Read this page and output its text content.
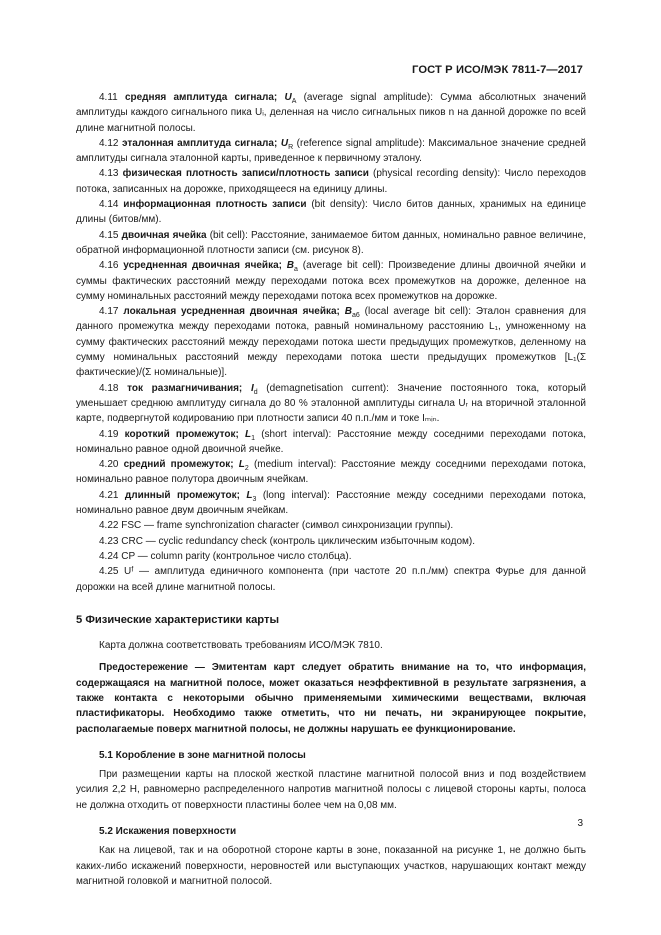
ГОСТ Р ИСО/МЭК 7811-7—2017

4.11 средняя амплитуда сигнала; $U_A$ (average signal amplitude): Сумма абсолютных значений амплитуды каждого сигнального пика Uᵢ, деленная на число сигнальных пиков n на данной дорожке по всей длине магнитной полосы.

4.12 эталонная амплитуда сигнала; $U_R$ (reference signal amplitude): Максимальное значение средней амплитуды сигнала эталонной карты, приведенное к первичному эталону.

4.13 физическая плотность записи/плотность записи (physical recording density): Число переходов потока, записанных на дорожке, приходящееся на единицу длины.

4.14 информационная плотность записи (bit density): Число битов данных, хранимых на единице длины (битов/мм).

4.15 двоичная ячейка (bit cell): Расстояние, занимаемое битом данных, номинально равное величине, обратной информационной плотности записи (см. рисунок 8).

4.16 усредненная двоичная ячейка; $B_a$ (average bit cell): Произведение длины двоичной ячейки и суммы фактических расстояний между переходами потока всех промежутков на дорожке, деленное на сумму номинальных расстояний между переходами потока всех промежутков на дорожке.

4.17 локальная усредненная двоичная ячейка; $B_{a6}$ (local average bit cell): Эталон сравнения для данного промежутка между переходами потока, равный номинальному расстоянию L₁, умноженному на сумму фактических расстояний между переходами потока шести предыдущих промежутков, деленному на сумму номинальных расстояний между переходами потока шести предыдущих промежутков [L₁(Σ фактические)/(Σ номинальные)].

4.18 ток размагничивания; $I_d$ (demagnetisation current): Значение постоянного тока, который уменьшает среднюю амплитуду сигнала до 80 % эталонной амплитуды сигнала Uᵣ на вторичной эталонной карте, подвергнутой кодированию при плотности записи 40 п.п./мм и токе Iₘᵢₙ.

4.19 короткий промежуток; $L_1$ (short interval): Расстояние между соседними переходами потока, номинально равное одной двоичной ячейке.

4.20 средний промежуток; $L_2$ (medium interval): Расстояние между соседними переходами потока, номинально равное полутора двоичным ячейкам.

4.21 длинный промежуток; $L_3$ (long interval): Расстояние между соседними переходами потока, номинально равное двум двоичным ячейкам.

4.22 FSC — frame synchronization character (символ синхронизации группы).

4.23 CRC — cyclic redundancy check (контроль циклическим избыточным кодом).

4.24 CP — column parity (контрольное число столбца).

4.25 Uᶠ — амплитуда единичного компонента (при частоте 20 п.п./мм) спектра Фурье для данной дорожки на всей длине магнитной полосы.

5 Физические характеристики карты

Карта должна соответствовать требованиям ИСО/МЭК 7810.

Предостережение — Эмитентам карт следует обратить внимание на то, что информация, содержащаяся на магнитной полосе, может оказаться неэффективной в результате загрязнения, а также контакта с некоторыми обычно применяемыми химическими веществами, включая пластификаторы. Необходимо также отметить, что ни печать, ни экранирующее покрытие, располагаемые поверх магнитной полосы, не должны нарушать ее функционирование.

5.1 Коробление в зоне магнитной полосы

При размещении карты на плоской жесткой пластине магнитной полосой вниз и под воздействием усилия 2,2 Н, равномерно распределенного напротив магнитной полосы с лицевой стороны карты, полоса не должна отходить от поверхности пластины более чем на 0,08 мм.

5.2 Искажения поверхности

Как на лицевой, так и на оборотной стороне карты в зоне, показанной на рисунке 1, не должно быть каких-либо искажений поверхности, неровностей или выступающих участков, нарушающих контакт между магнитной головкой и магнитной полосой.

3
